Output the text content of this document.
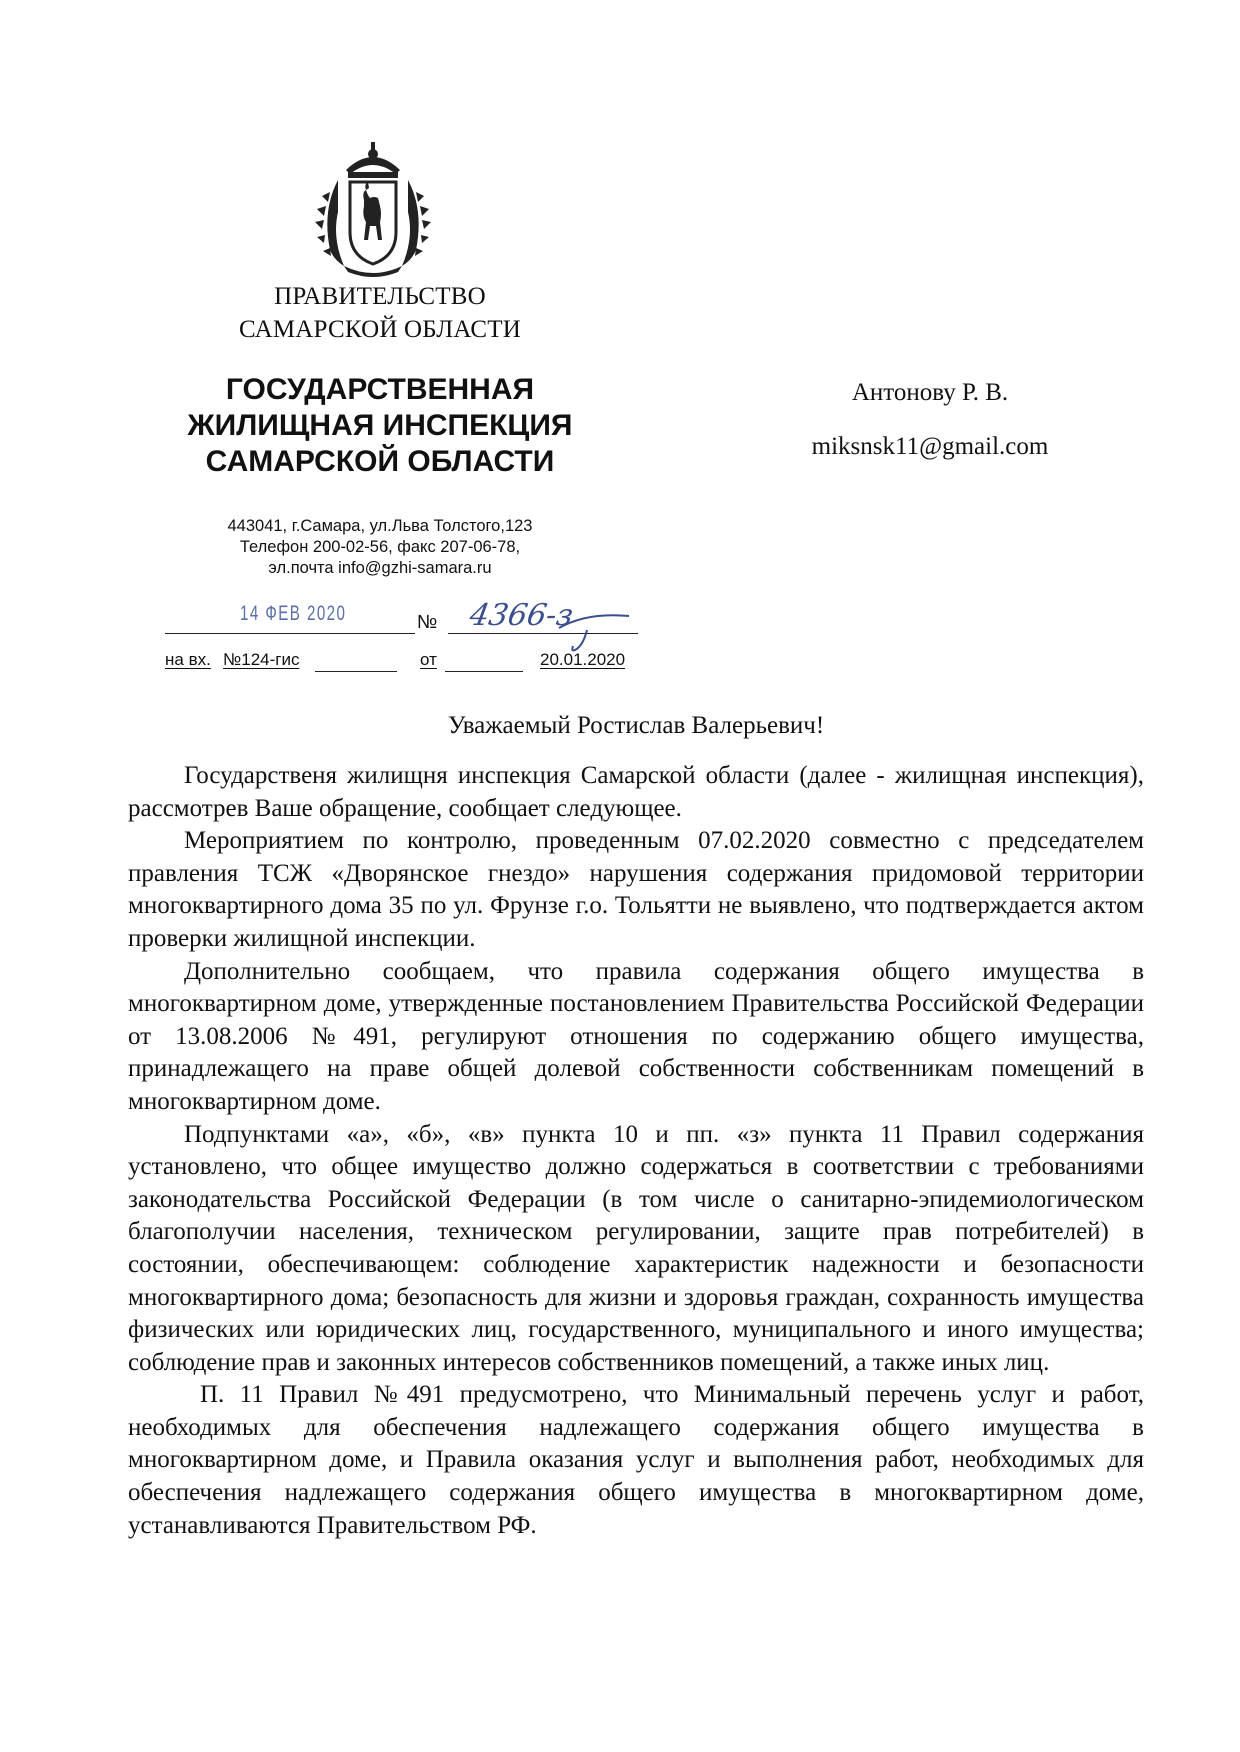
ПРАВИТЕЛЬСТВО
САМАРСКОЙ ОБЛАСТИ
ГОСУДАРСТВЕННАЯ
ЖИЛИЩНАЯ ИНСПЕКЦИЯ
САМАРСКОЙ ОБЛАСТИ
443041, г.Самара, ул.Льва Толстого,123
Телефон 200-02-56, факс 207-06-78,
эл.почта info@gzhi-samara.ru
14 ФЕВ 2020	№ 4366-з
на вх. №124-гис	от	20.01.2020
Антонову Р. В.
miksnsk11@gmail.com
Уважаемый Ростислав Валерьевич!

Государственя жилищня инспекция Самарской области (далее - жилищная инспекция), рассмотрев Ваше обращение, сообщает следующее.

Мероприятием по контролю, проведенным 07.02.2020 совместно с председателем правления ТСЖ «Дворянское гнездо» нарушения содержания придомовой территории многоквартирного дома 35 по ул. Фрунзе г.о. Тольятти не выявлено, что подтверждается актом проверки жилищной инспекции.

Дополнительно сообщаем, что правила содержания общего имущества в многоквартирном доме, утвержденные постановлением Правительства Российской Федерации от 13.08.2006 №491, регулируют отношения по содержанию общего имущества, принадлежащего на праве общей долевой собственности собственникам помещений в многоквартирном доме.

Подпунктами «а», «б», «в» пункта 10 и пп. «з» пункта 11 Правил содержания установлено, что общее имущество должно содержаться в соответствии с требованиями законодательства Российской Федерации (в том числе о санитарно-эпидемиологическом благополучии населения, техническом регулировании, защите прав потребителей) в состоянии, обеспечивающем: соблюдение характеристик надежности и безопасности многоквартирного дома; безопасность для жизни и здоровья граждан, сохранность имущества физических или юридических лиц, государственного, муниципального и иного имущества; соблюдение прав и законных интересов собственников помещений, а также иных лиц.

П. 11 Правил №491 предусмотрено, что Минимальный перечень услуг и работ, необходимых для обеспечения надлежащего содержания общего имущества в многоквартирном доме, и Правила оказания услуг и выполнения работ, необходимых для обеспечения надлежащего содержания общего имущества в многоквартирном доме, устанавливаются Правительством РФ.
